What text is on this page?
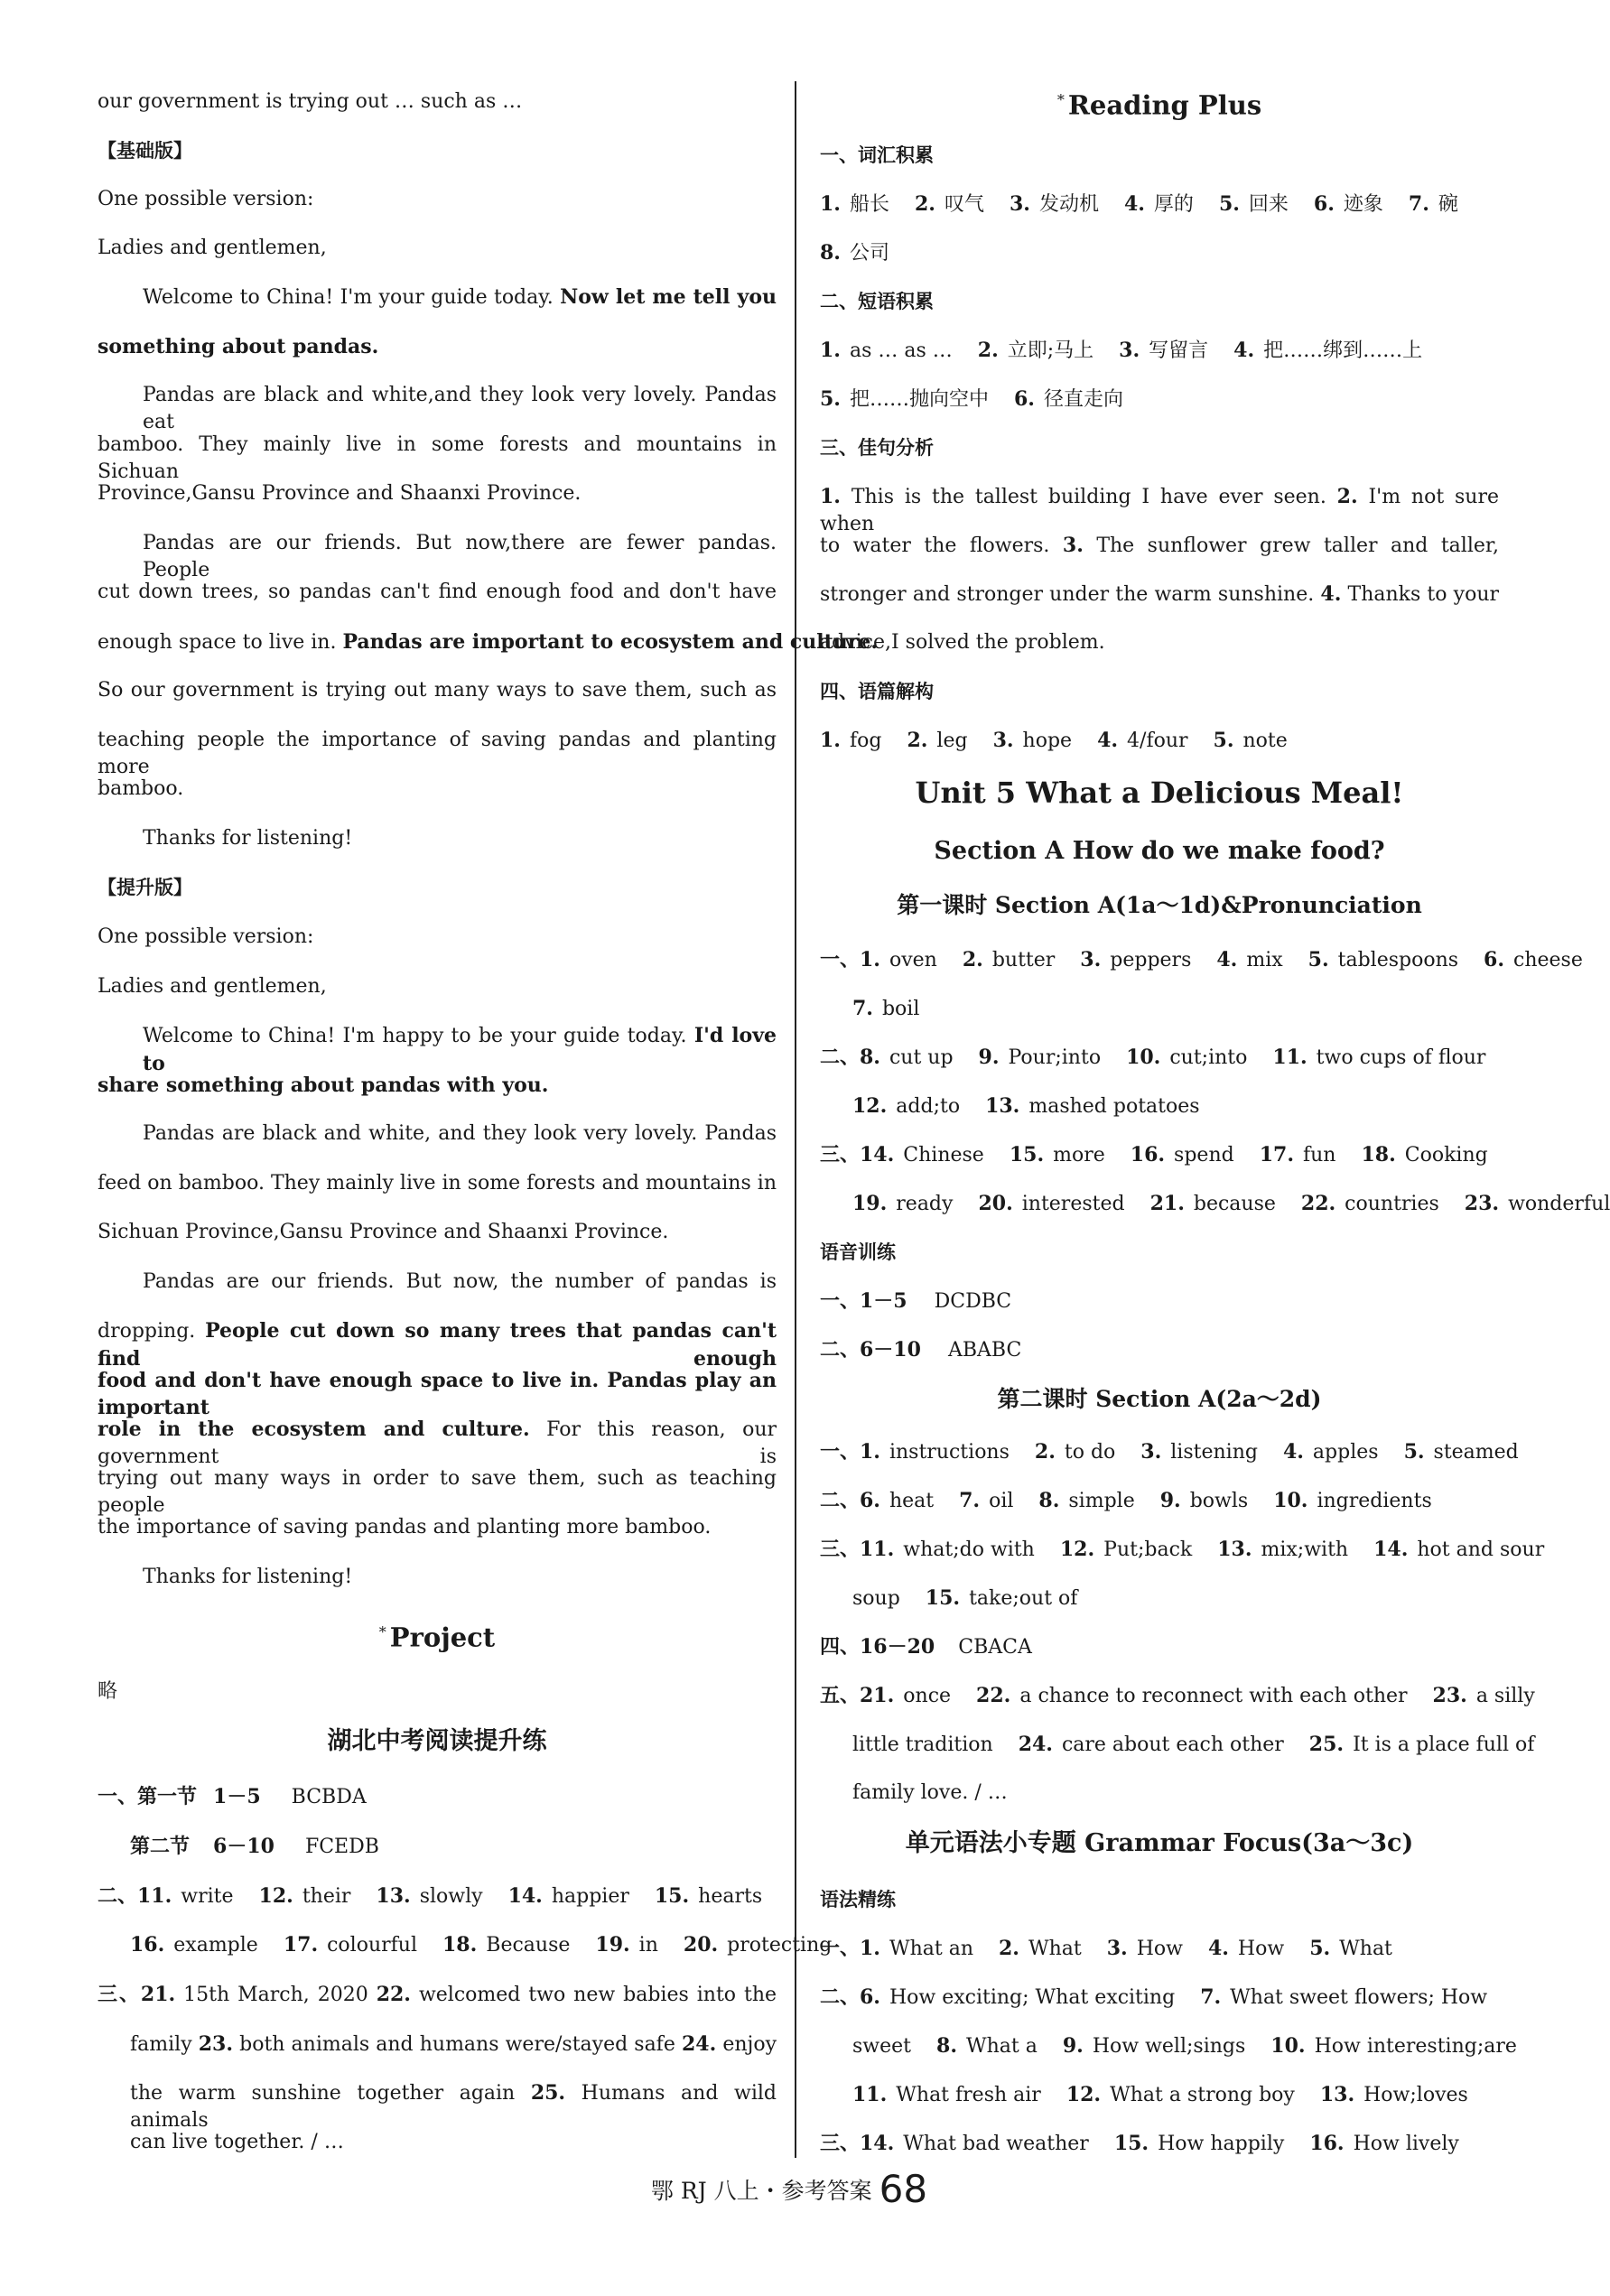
our government is trying out … such as …
【基础版】
One possible version:
Ladies and gentlemen,
Welcome to China! I'm your guide today. Now let me tell you
something about pandas.
Pandas are black and white,and they look very lovely. Pandas eat
bamboo. They mainly live in some forests and mountains in Sichuan
Province,Gansu Province and Shaanxi Province.
Pandas are our friends. But now,there are fewer pandas. People
cut down trees, so pandas can't find enough food and don't have
enough space to live in. Pandas are important to ecosystem and culture.
So our government is trying out many ways to save them, such as
teaching people the importance of saving pandas and planting more
bamboo.
Thanks for listening!
【提升版】
One possible version:
Ladies and gentlemen,
Welcome to China! I'm happy to be your guide today. I'd love to
share something about pandas with you.
Pandas are black and white, and they look very lovely. Pandas
feed on bamboo. They mainly live in some forests and mountains in
Sichuan Province,Gansu Province and Shaanxi Province.
Pandas are our friends. But now, the number of pandas is
dropping. People cut down so many trees that pandas can't find enough
food and don't have enough space to live in. Pandas play an important
role in the ecosystem and culture. For this reason, our government is
trying out many ways in order to save them, such as teaching people
the importance of saving pandas and planting more bamboo.
Thanks for listening!
* Project
略
湖北中考阅读提升练
一、第一节 1－5 BCBDA
第二节 6－10 FCEDB
二、11. write 12. their 13. slowly 14. happier 15. hearts
16. example 17. colourful 18. Because 19. in 20. protecting
三、21. 15th March, 2020 22. welcomed two new babies into the
family 23. both animals and humans were/stayed safe 24. enjoy
the warm sunshine together again 25. Humans and wild animals
can live together. / …
* Reading Plus
一、词汇积累
1. 船长 2. 叹气 3. 发动机 4. 厚的 5. 回来 6. 迹象 7. 碗
8. 公司
二、短语积累
1. as … as … 2. 立即;马上 3. 写留言 4. 把……绑到……上
5. 把……抛向空中 6. 径直走向
三、佳句分析
1. This is the tallest building I have ever seen. 2. I'm not sure when
to water the flowers. 3. The sunflower grew taller and taller,
stronger and stronger under the warm sunshine. 4. Thanks to your
advice,I solved the problem.
四、语篇解构
1. fog 2. leg 3. hope 4. 4/four 5. note
Unit 5 What a Delicious Meal!
Section A How do we make food?
第一课时 Section A(1a～1d)&Pronunciation
一、1. oven 2. butter 3. peppers 4. mix 5. tablespoons 6. cheese
7. boil
二、8. cut up 9. Pour;into 10. cut;into 11. two cups of flour
12. add;to 13. mashed potatoes
三、14. Chinese 15. more 16. spend 17. fun 18. Cooking
19. ready 20. interested 21. because 22. countries 23. wonderful
语音训练
一、1－5 DCDBC
二、6－10 ABABC
第二课时 Section A(2a～2d)
一、1. instructions 2. to do 3. listening 4. apples 5. steamed
二、6. heat 7. oil 8. simple 9. bowls 10. ingredients
三、11. what;do with 12. Put;back 13. mix;with 14. hot and sour
soup 15. take;out of
四、16－20 CBACA
五、21. once 22. a chance to reconnect with each other 23. a silly
little tradition 24. care about each other 25. It is a place full of
family love. / …
单元语法小专题 Grammar Focus(3a～3c)
语法精练
一、1. What an 2. What 3. How 4. How 5. What
二、6. How exciting; What exciting 7. What sweet flowers; How
sweet 8. What a 9. How well;sings 10. How interesting;are
11. What fresh air 12. What a strong boy 13. How;loves
三、14. What bad weather 15. How happily 16. How lively
鄂 RJ 八上・参考答案 68
